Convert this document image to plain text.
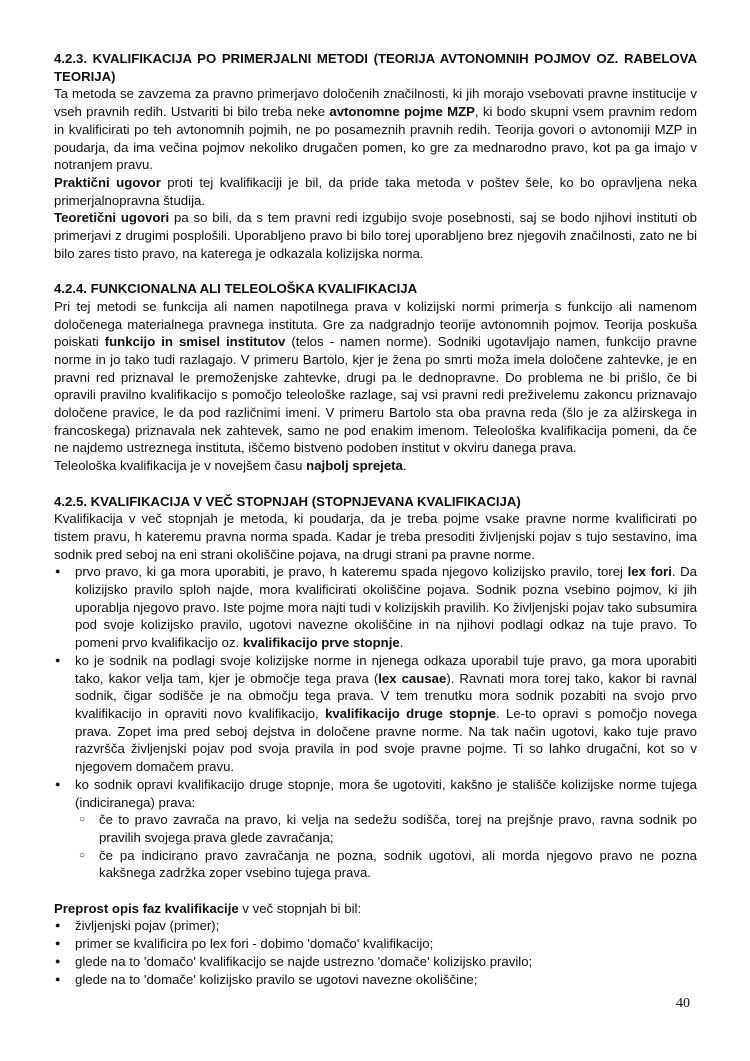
4.2.3. KVALIFIKACIJA PO PRIMERJALNI METODI (TEORIJA AVTONOMNIH POJMOV OZ. RABELOVA TEORIJA)
Ta metoda se zavzema za pravno primerjavo določenih značilnosti, ki jih morajo vsebovati pravne institucije v vseh pravnih redih. Ustvariti bi bilo treba neke avtonomne pojme MZP, ki bodo skupni vsem pravnim redom in kvalificirati po teh avtonomnih pojmih, ne po posameznih pravnih redih. Teorija govori o avtonomiji MZP in poudarja, da ima večina pojmov nekoliko drugačen pomen, ko gre za mednarodno pravo, kot pa ga imajo v notranjem pravu.
Praktični ugovor proti tej kvalifikaciji je bil, da pride taka metoda v poštev šele, ko bo opravljena neka primerjalnopravna študija.
Teoretični ugovori pa so bili, da s tem pravni redi izgubijo svoje posebnosti, saj se bodo njihovi instituti ob primerjavi z drugimi posplošili. Uporabljeno pravo bi bilo torej uporabljeno brez njegovih značilnosti, zato ne bi bilo zares tisto pravo, na katerega je odkazala kolizijska norma.
4.2.4. FUNKCIONALNA ALI TELEOLOŠKA KVALIFIKACIJA
Pri tej metodi se funkcija ali namen napotilnega prava v kolizijski normi primerja s funkcijo ali namenom določenega materialnega pravnega instituta. Gre za nadgradnjo teorije avtonomnih pojmov. Teorija poskuša poiskati funkcijo in smisel institutov (telos - namen norme). Sodniki ugotavljajo namen, funkcijo pravne norme in jo tako tudi razlagajo. V primeru Bartolo, kjer je žena po smrti moža imela določene zahtevke, je en pravni red priznaval le premoženjske zahtevke, drugi pa le dednopravne. Do problema ne bi prišlo, če bi opravili pravilno kvalifikacijo s pomočjo teleološke razlage, saj vsi pravni redi preživelemu zakoncu priznavajo določene pravice, le da pod različnimi imeni. V primeru Bartolo sta oba pravna reda (šlo je za alžirskega in francoskega) priznavala nek zahtevek, samo ne pod enakim imenom. Teleološka kvalifikacija pomeni, da če ne najdemo ustreznega instituta, iščemo bistveno podoben institut v okviru danega prava.
Teleološka kvalifikacija je v novejšem času najbolj sprejeta.
4.2.5. KVALIFIKACIJA V VEČ STOPNJAH (STOPNJEVANA KVALIFIKACIJA)
Kvalifikacija v več stopnjah je metoda, ki poudarja, da je treba pojme vsake pravne norme kvalificirati po tistem pravu, h kateremu pravna norma spada. Kadar je treba presoditi življenjski pojav s tujo sestavino, ima sodnik pred seboj na eni strani okoliščine pojava, na drugi strani pa pravne norme.
● prvo pravo, ki ga mora uporabiti, je pravo, h kateremu spada njegovo kolizijsko pravilo, torej lex fori. Da kolizijsko pravilo sploh najde, mora kvalificirati okoliščine pojava. Sodnik pozna vsebino pojmov, ki jih uporablja njegovo pravo. Iste pojme mora najti tudi v kolizijskih pravilih. Ko življenjski pojav tako subsumira pod svoje kolizijsko pravilo, ugotovi navezne okoliščine in na njihovi podlagi odkaz na tuje pravo. To pomeni prvo kvalifikacijo oz. kvalifikacijo prve stopnje.
● ko je sodnik na podlagi svoje kolizijske norme in njenega odkaza uporabil tuje pravo, ga mora uporabiti tako, kakor velja tam, kjer je območje tega prava (lex causae). Ravnati mora torej tako, kakor bi ravnal sodnik, čigar sodišče je na območju tega prava. V tem trenutku mora sodnik pozabiti na svojo prvo kvalifikacijo in opraviti novo kvalifikacijo, kvalifikacijo druge stopnje. Le-to opravi s pomočjo novega prava. Zopet ima pred seboj dejstva in določene pravne norme. Na tak način ugotovi, kako tuje pravo razvršča življenjski pojav pod svoja pravila in pod svoje pravne pojme. Ti so lahko drugačni, kot so v njegovem domačem pravu.
● ko sodnik opravi kvalifikacijo druge stopnje, mora še ugotoviti, kakšno je stališče kolizijske norme tujega (indiciranega) prava:
○ če to pravo zavrača na pravo, ki velja na sedežu sodišča, torej na prejšnje pravo, ravna sodnik po pravilih svojega prava glede zavračanja;
○ če pa indicirano pravo zavračanja ne pozna, sodnik ugotovi, ali morda njegovo pravo ne pozna kakšnega zadržka zoper vsebino tujega prava.
Preprost opis faz kvalifikacije v več stopnjah bi bil:
● življenjski pojav (primer);
● primer se kvalificira po lex fori - dobimo 'domačo' kvalifikacijo;
● glede na to 'domačo' kvalifikacijo se najde ustrezno 'domače' kolizijsko pravilo;
● glede na to 'domače' kolizijsko pravilo se ugotovi navezne okoliščine;
40
